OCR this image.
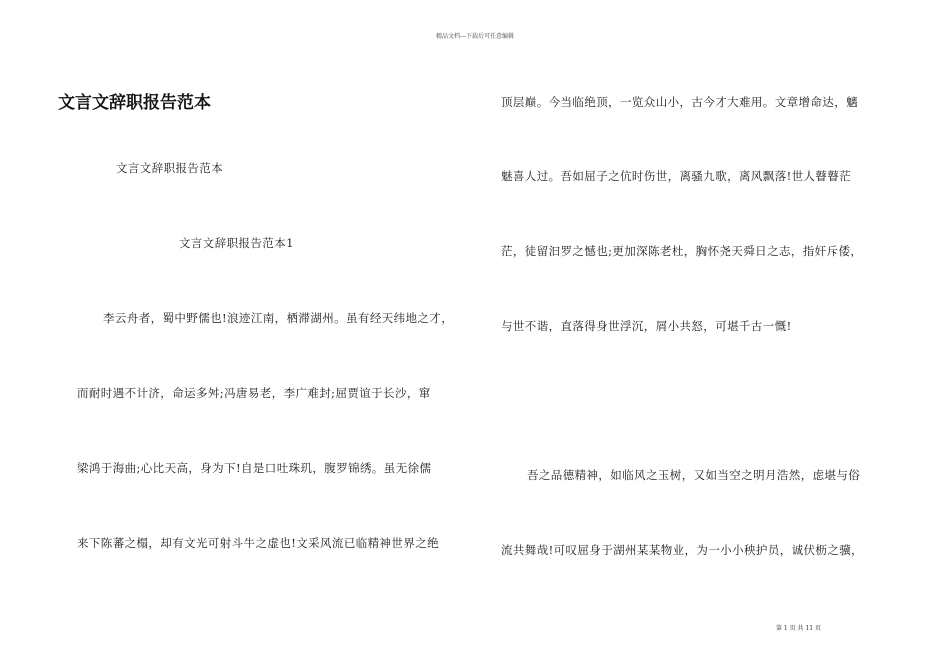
精品文档---下载后可任意编辑
文言文辞职报告范本
文言文辞职报告范本
文言文辞职报告范本1
李云舟者，蜀中野儒也!浪迹江南，栖滞湖州。虽有经天纬地之才，
而耐时遇不计济，命运多舛;冯唐易老，李广难封;屈贾谊于长沙，窜
梁鸿于海曲;心比天高，身为下!自是口吐珠玑，腹罗锦绣。虽无徐儒
来下陈蕃之榻，却有文光可射斗牛之虚也!文采风流已临精神世界之绝
顶层巅。今当临绝顶，一览众山小，古今才大难用。文章增命达，魑
魅喜人过。吾如屈子之伉时伤世，离骚九歌，离风飘落!世人瞽瞽茫
茫，徒留汩罗之憾也;更加深陈老杜，胸怀尧天舜日之志，指奸斥倭，
与世不谐，直落得身世浮沉，屑小共怒，可堪千古一慨!
吾之品德精神，如临风之玉树，又如当空之明月浩然，虑堪与俗
流共舞哉!可叹屈身于湖州某某物业，为一小小秧护员，诚伏枥之骥，
第 1 页 共 11 页
